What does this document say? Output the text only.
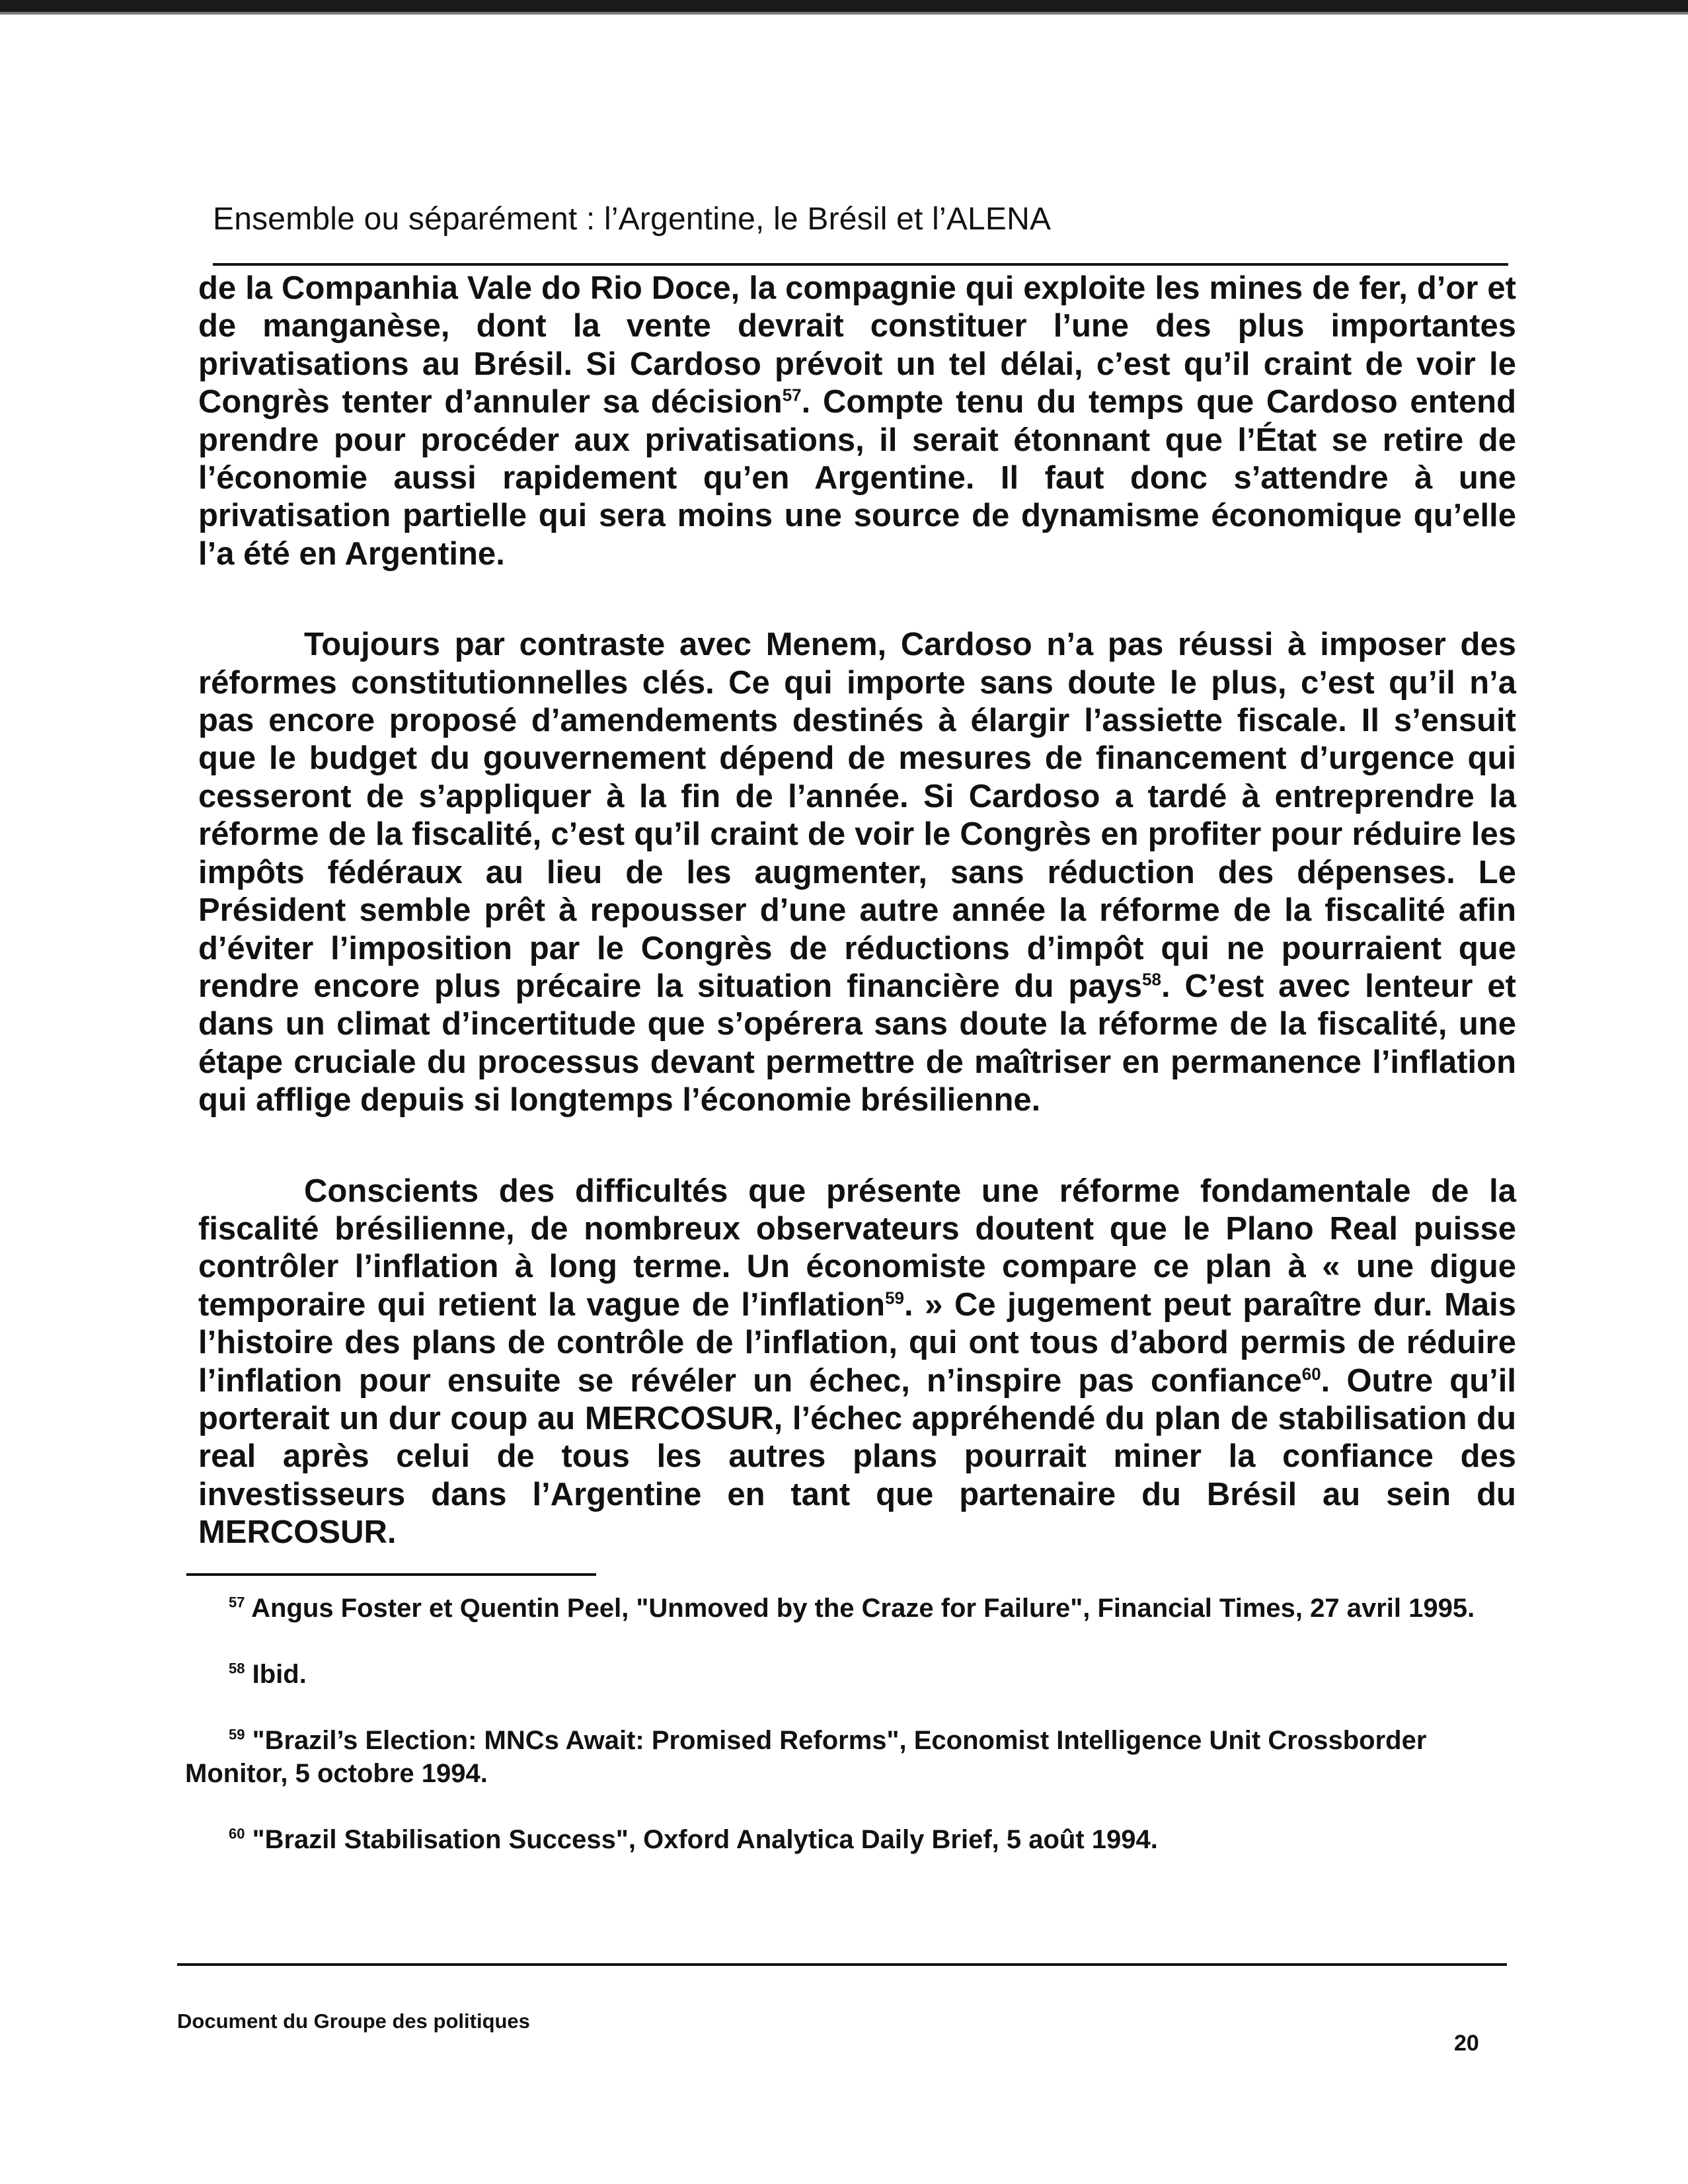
Ensemble ou séparément : l’Argentine, le Brésil et l’ALENA

de la Companhia Vale do Rio Doce, la compagnie qui exploite les mines de fer, d’or et de manganèse, dont la vente devrait constituer l’une des plus importantes privatisations au Brésil. Si Cardoso prévoit un tel délai, c’est qu’il craint de voir le Congrès tenter d’annuler sa décision$^{57}$. Compte tenu du temps que Cardoso entend prendre pour procéder aux privatisations, il serait étonnant que l’État se retire de l’économie aussi rapidement qu’en Argentine. Il faut donc s’attendre à une privatisation partielle qui sera moins une source de dynamisme économique qu’elle l’a été en Argentine.

Toujours par contraste avec Menem, Cardoso n’a pas réussi à imposer des réformes constitutionnelles clés. Ce qui importe sans doute le plus, c’est qu’il n’a pas encore proposé d’amendements destinés à élargir l’assiette fiscale. Il s’ensuit que le budget du gouvernement dépend de mesures de financement d’urgence qui cesseront de s’appliquer à la fin de l’année. Si Cardoso a tardé à entreprendre la réforme de la fiscalité, c’est qu’il craint de voir le Congrès en profiter pour réduire les impôts fédéraux au lieu de les augmenter, sans réduction des dépenses. Le Président semble prêt à repousser d’une autre année la réforme de la fiscalité afin d’éviter l’imposition par le Congrès de réductions d’impôt qui ne pourraient que rendre encore plus précaire la situation financière du pays$^{58}$. C’est avec lenteur et dans un climat d’incertitude que s’opérera sans doute la réforme de la fiscalité, une étape cruciale du processus devant permettre de maîtriser en permanence l’inflation qui afflige depuis si longtemps l’économie brésilienne.

Conscients des difficultés que présente une réforme fondamentale de la fiscalité brésilienne, de nombreux observateurs doutent que le Plano Real puisse contrôler l’inflation à long terme. Un économiste compare ce plan à « une digue temporaire qui retient la vague de l’inflation$^{59}$. » Ce jugement peut paraître dur. Mais l’histoire des plans de contrôle de l’inflation, qui ont tous d’abord permis de réduire l’inflation pour ensuite se révéler un échec, n’inspire pas confiance$^{60}$. Outre qu’il porterait un dur coup au MERCOSUR, l’échec appréhendé du plan de stabilisation du real après celui de tous les autres plans pourrait miner la confiance des investisseurs dans l’Argentine en tant que partenaire du Brésil au sein du MERCOSUR.

$^{57}$ Angus Foster et Quentin Peel, "Unmoved by the Craze for Failure", Financial Times, 27 avril 1995.

$^{58}$ Ibid.

$^{59}$ "Brazil’s Election: MNCs Await: Promised Reforms", Economist Intelligence Unit Crossborder Monitor, 5 octobre 1994.

$^{60}$ "Brazil Stabilisation Success", Oxford Analytica Daily Brief, 5 août 1994.

Document du Groupe des politiques
20
